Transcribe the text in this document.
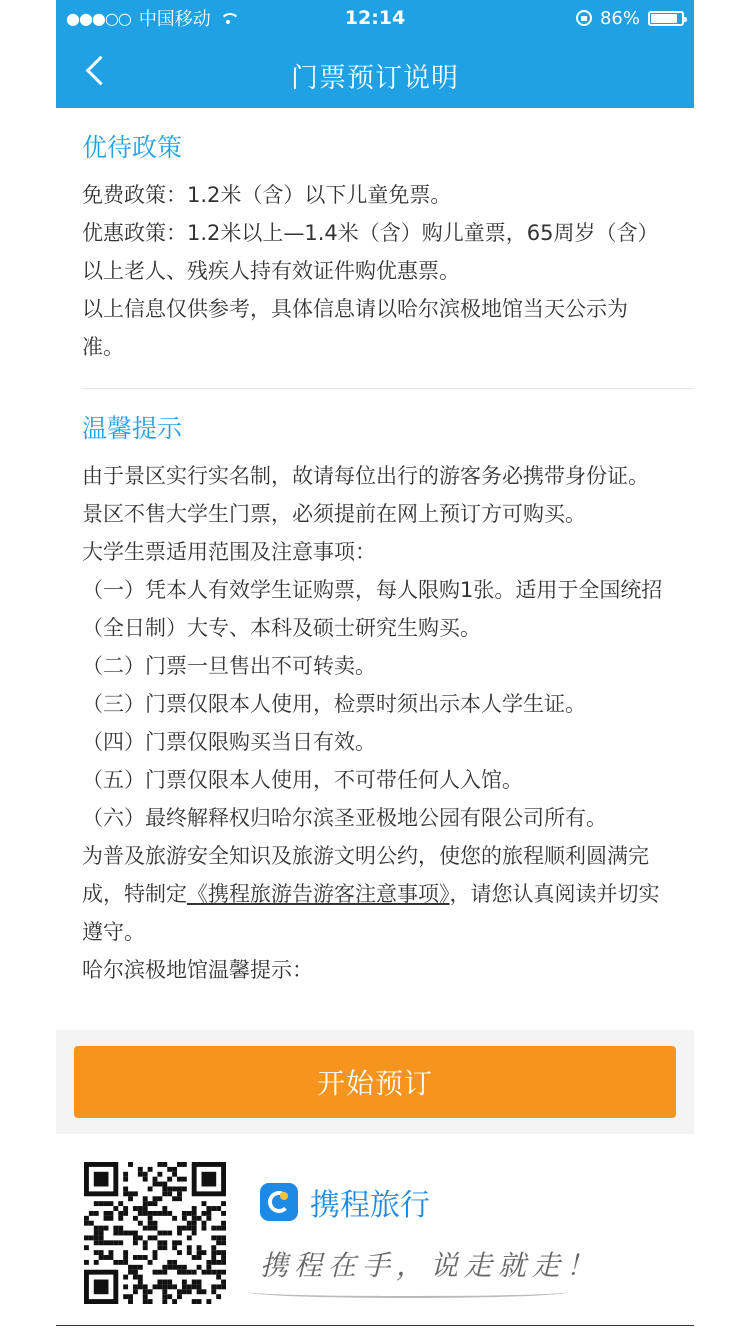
●●●○○ 中国移动	12:14	86%
门票预订说明
优待政策

免费政策：1.2米（含）以下儿童免票。

优惠政策：1.2米以上—1.4米（含）购儿童票，65周岁（含）以上老人、残疾人持有效证件购优惠票。

以上信息仅供参考，具体信息请以哈尔滨极地馆当天公示为准。

温馨提示

由于景区实行实名制，故请每位出行的游客务必携带身份证。

景区不售大学生门票，必须提前在网上预订方可购买。

大学生票适用范围及注意事项：

（一）凭本人有效学生证购票，每人限购1张。适用于全国统招（全日制）大专、本科及硕士研究生购买。

（二）门票一旦售出不可转卖。

（三）门票仅限本人使用，检票时须出示本人学生证。

（四）门票仅限购买当日有效。

（五）门票仅限本人使用，不可带任何人入馆。

（六）最终解释权归哈尔滨圣亚极地公园有限公司所有。

为普及旅游安全知识及旅游文明公约，使您的旅程顺利圆满完成，特制定《携程旅游告游客注意事项》，请您认真阅读并切实遵守。

哈尔滨极地馆温馨提示：

开始预订
携程旅行
携程在手，说走就走！
